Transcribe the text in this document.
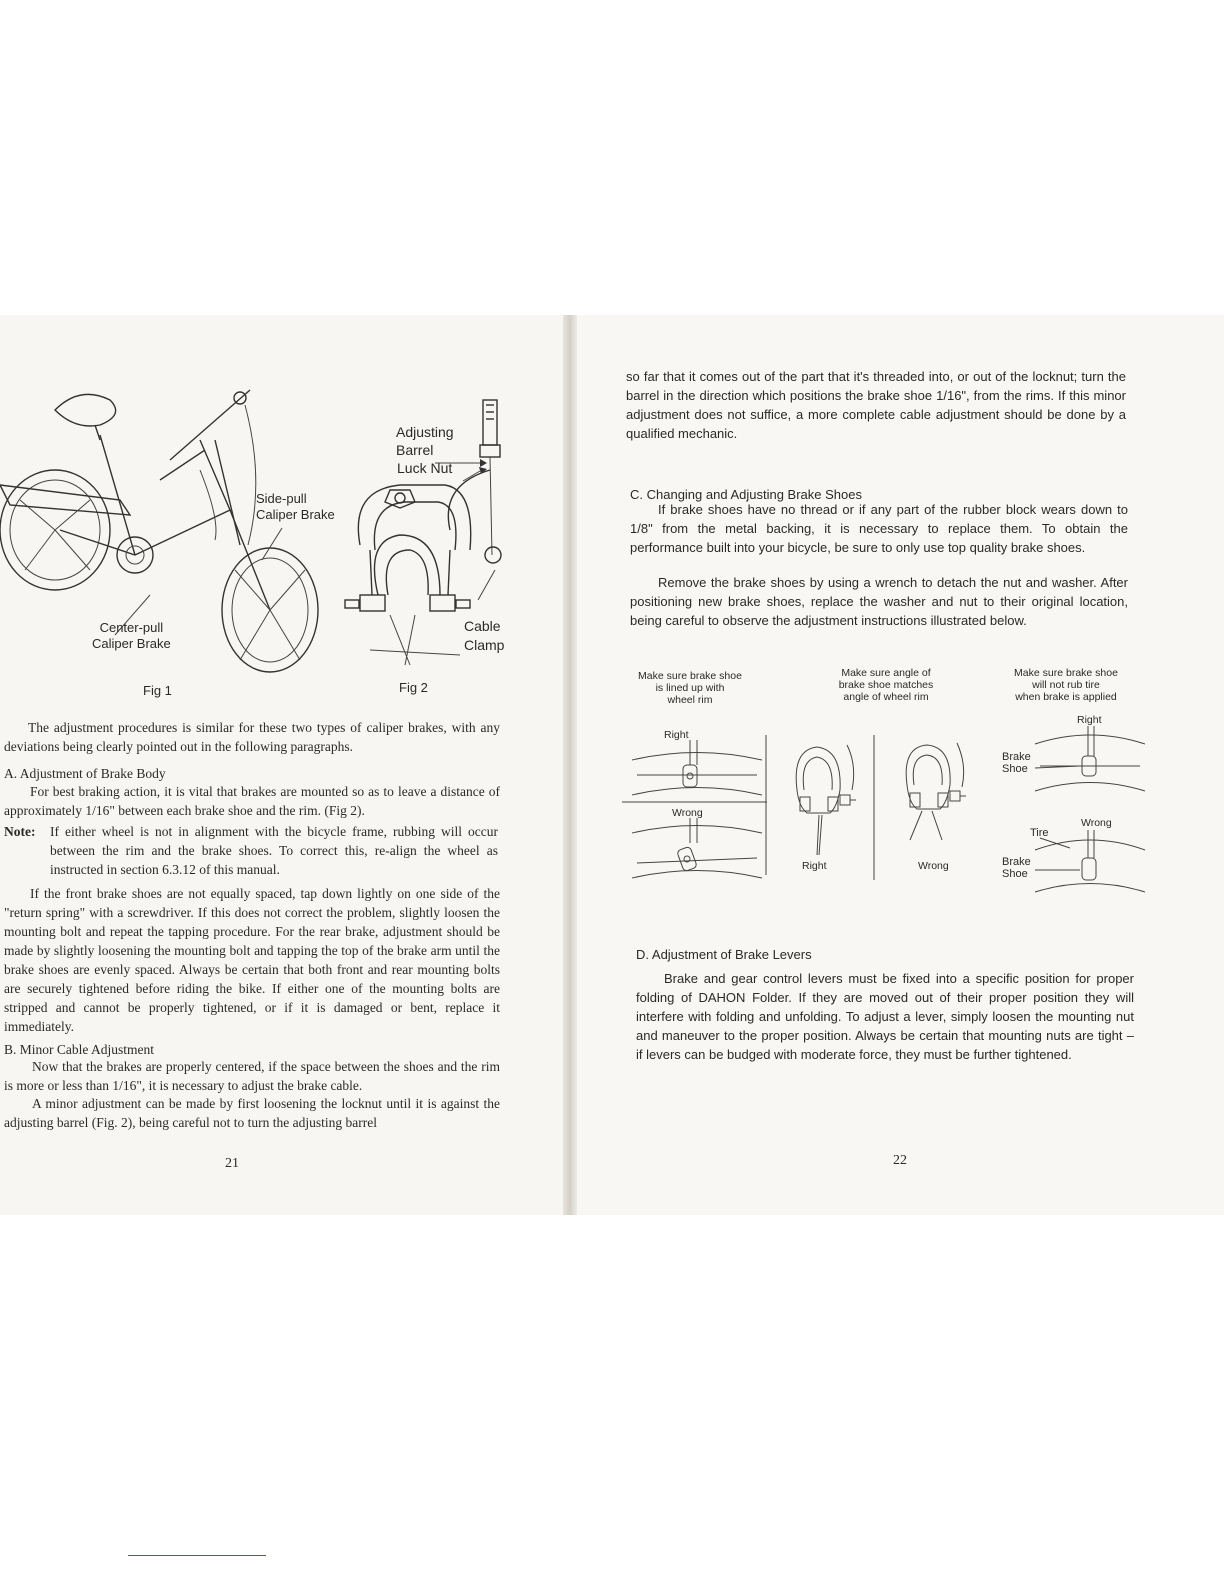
Side-pull
Caliper Brake
Center-pull
Caliper Brake
Adjusting
Barrel
Luck Nut
Cable
Clamp
Fig 1	Fig 2
The adjustment procedures is similar for these two types of caliper brakes, with any deviations being clearly pointed out in the following paragraphs.
A. Adjustment of Brake Body
For best braking action, it is vital that brakes are mounted so as to leave a distance of approximately 1/16" between each brake shoe and the rim. (Fig 2).
Note: If either wheel is not in alignment with the bicycle frame, rubbing will occur between the rim and the brake shoes. To correct this, re-align the wheel as instructed in section 6.3.12 of this manual.
If the front brake shoes are not equally spaced, tap down lightly on one side of the "return spring" with a screwdriver. If this does not correct the problem, slightly loosen the mounting bolt and repeat the tapping procedure. For the rear brake, adjustment should be made by slightly loosening the mounting bolt and tapping the top of the brake arm until the brake shoes are evenly spaced. Always be certain that both front and rear mounting bolts are securely tightened before riding the bike. If either one of the mounting bolts are stripped and cannot be properly tightened, or if it is damaged or bent, replace it immediately.
B. Minor Cable Adjustment
Now that the brakes are properly centered, if the space between the shoes and the rim is more or less than 1/16", it is necessary to adjust the brake cable.
A minor adjustment can be made by first loosening the locknut until it is against the adjusting barrel (Fig. 2), being careful not to turn the adjusting barrel
21
so far that it comes out of the part that it's threaded into, or out of the locknut; turn the barrel in the direction which positions the brake shoe 1/16", from the rims. If this minor adjustment does not suffice, a more complete cable adjustment should be done by a qualified mechanic.
C. Changing and Adjusting Brake Shoes
If brake shoes have no thread or if any part of the rubber block wears down to 1/8" from the metal backing, it is necessary to replace them. To obtain the performance built into your bicycle, be sure to only use top quality brake shoes.
Remove the brake shoes by using a wrench to detach the nut and washer. After positioning new brake shoes, replace the washer and nut to their original location, being careful to observe the adjustment instructions illustrated below.
Make sure brake shoe
is lined up with
wheel rim
Make sure angle of
brake shoe matches
angle of wheel rim
Make sure brake shoe
will not rub tire
when brake is applied
Right
Wrong
Right	Wrong
Right
Brake
Shoe
Wrong
Tire
Brake
Shoe
D. Adjustment of Brake Levers
Brake and gear control levers must be fixed into a specific position for proper folding of DAHON Folder. If they are moved out of their proper position they will interfere with folding and unfolding. To adjust a lever, simply loosen the mounting nut and maneuver to the proper position. Always be certain that mounting nuts are tight – if levers can be budged with moderate force, they must be further tightened.
22
